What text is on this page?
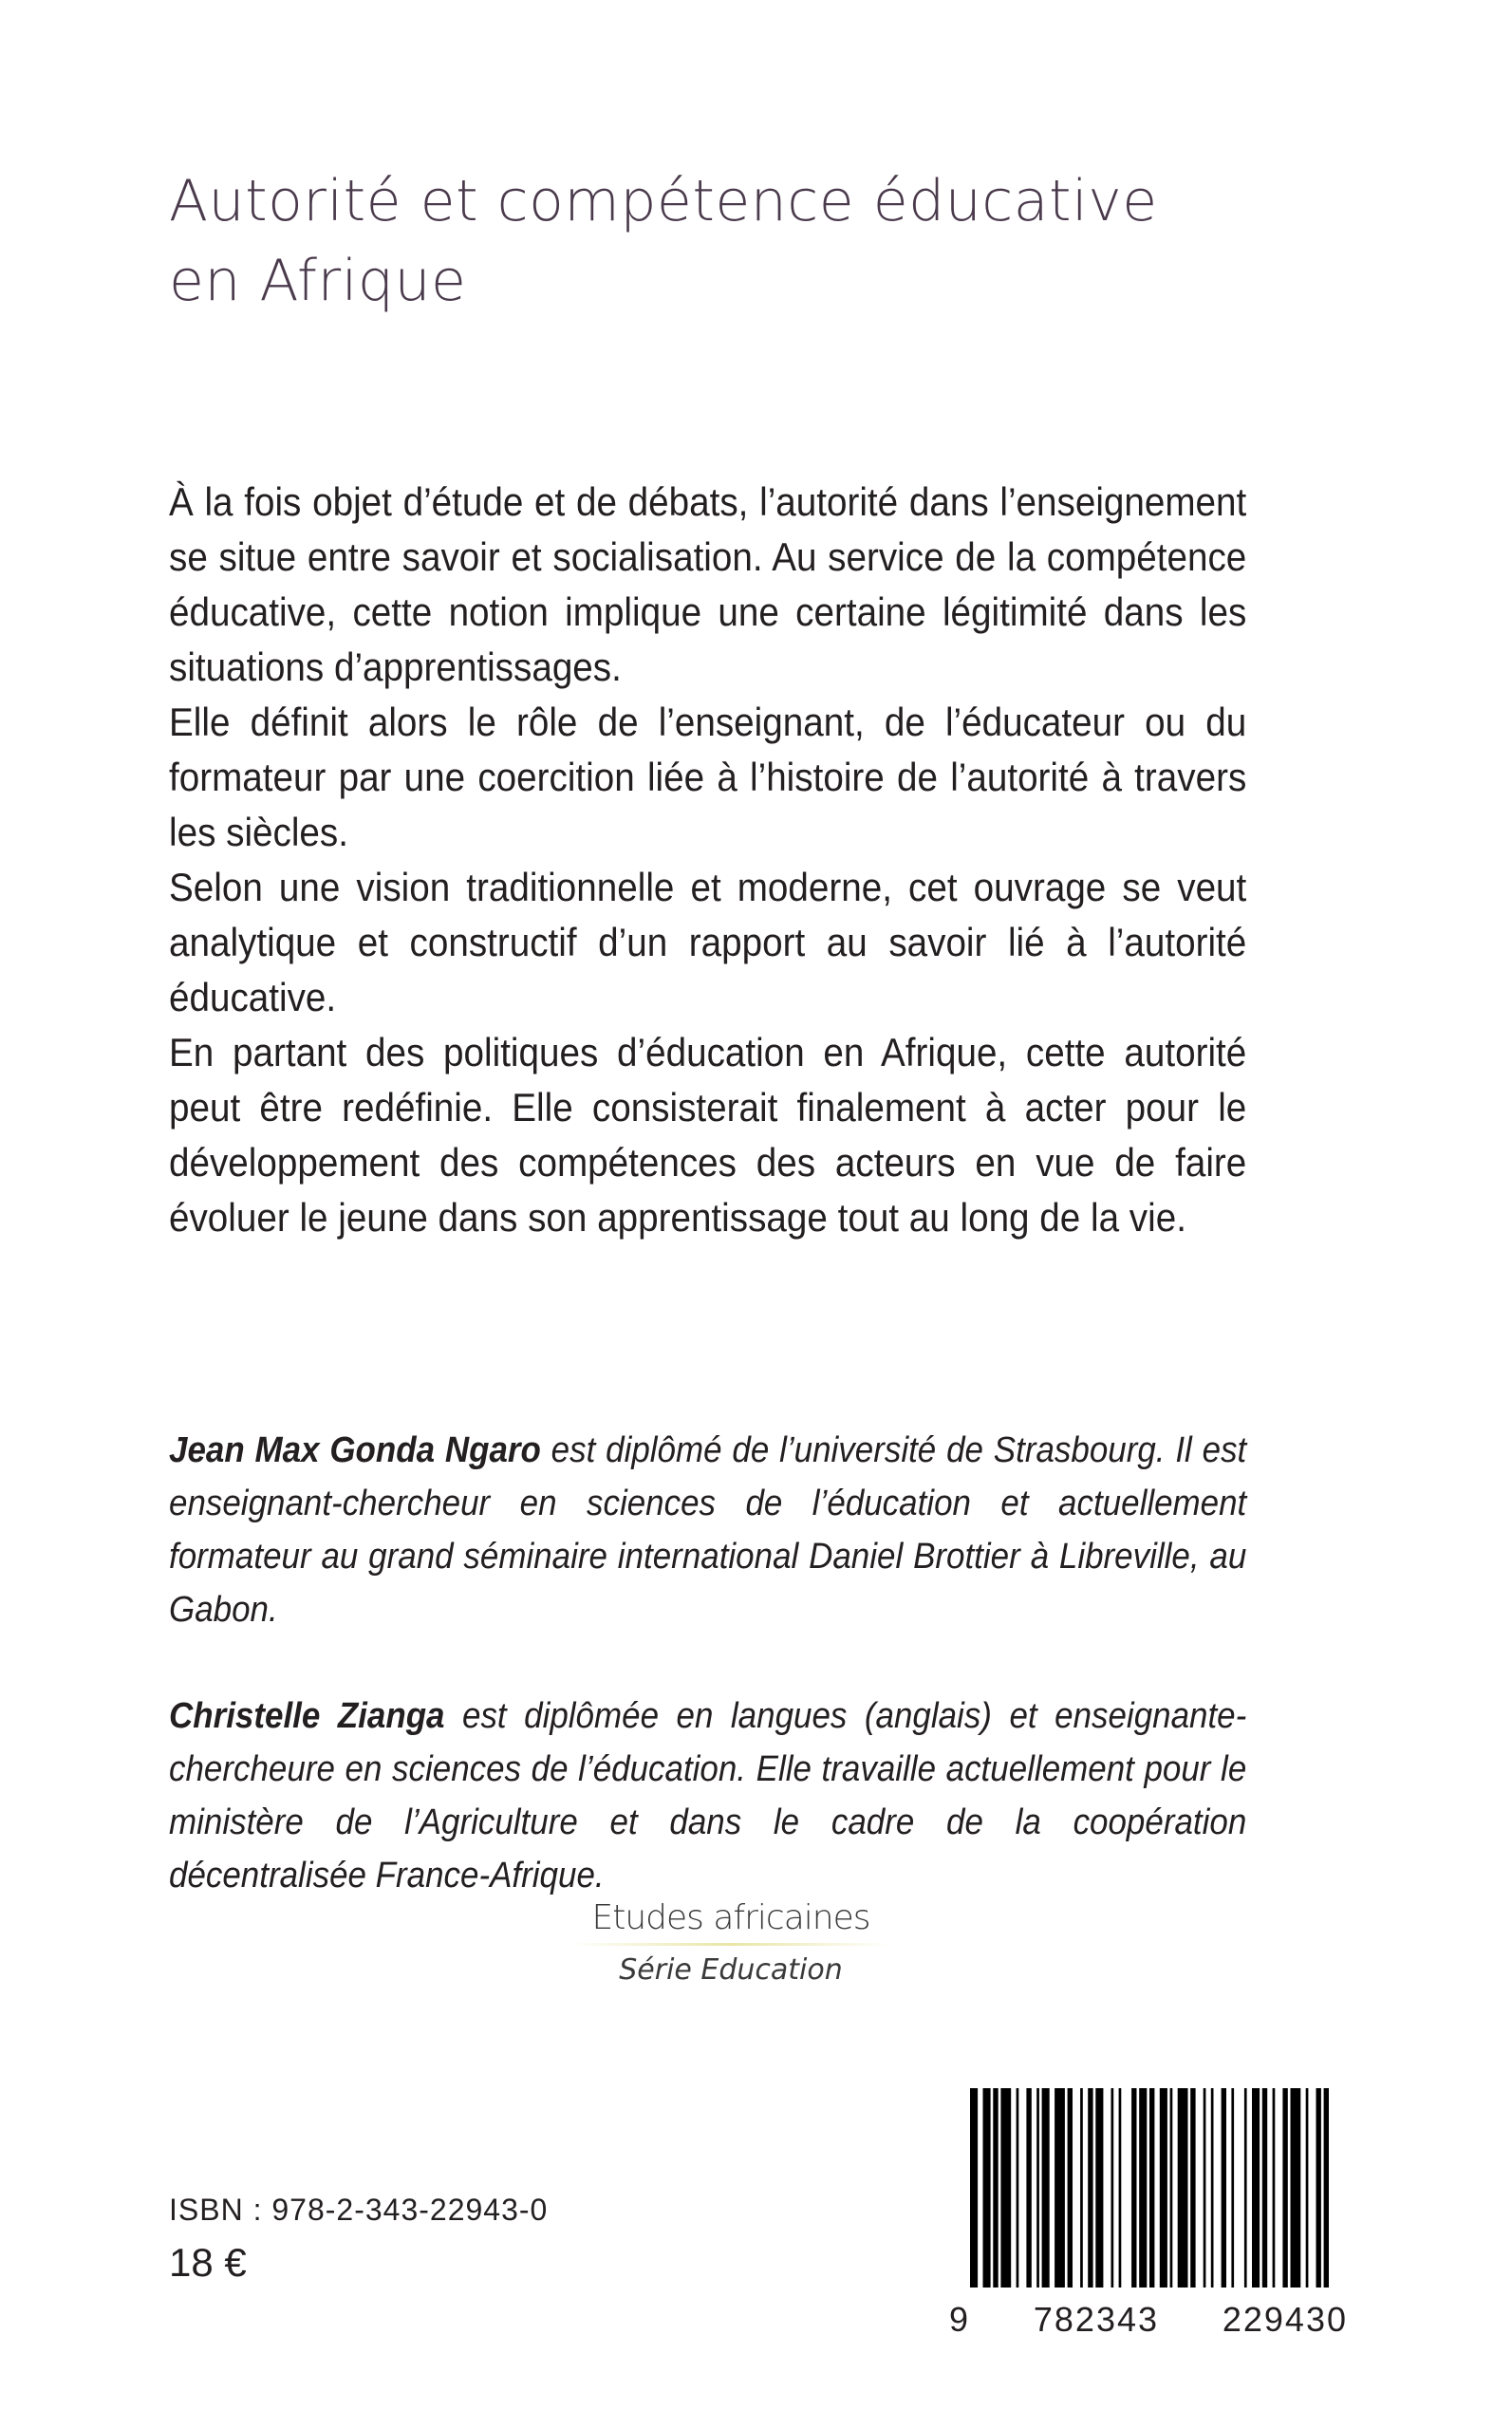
Autorité et compétence éducative
en Afrique

À la fois objet d’étude et de débats, l’autorité dans l’enseignement se situe entre savoir et socialisation. Au service de la compétence éducative, cette notion implique une certaine légitimité dans les situations d’apprentissages.

Elle définit alors le rôle de l’enseignant, de l’éducateur ou du formateur par une coercition liée à l’histoire de l’autorité à travers les siècles.

Selon une vision traditionnelle et moderne, cet ouvrage se veut analytique et constructif d’un rapport au savoir lié à l’autorité éducative.

En partant des politiques d’éducation en Afrique, cette autorité peut être redéfinie. Elle consisterait finalement à acter pour le développement des compétences des acteurs en vue de faire évoluer le jeune dans son apprentissage tout au long de la vie.

Jean Max Gonda Ngaro est diplômé de l’université de Strasbourg. Il est enseignant-chercheur en sciences de l’éducation et actuellement formateur au grand séminaire international Daniel Brottier à Libreville, au Gabon.

Christelle Zianga est diplômée en langues (anglais) et enseignante-chercheure en sciences de l’éducation. Elle travaille actuellement pour le ministère de l’Agriculture et dans le cadre de la coopération décentralisée France-Afrique.

Etudes africaines
Série Education
ISBN : 978-2-343-22943-0
18 €
9 782343 229430
